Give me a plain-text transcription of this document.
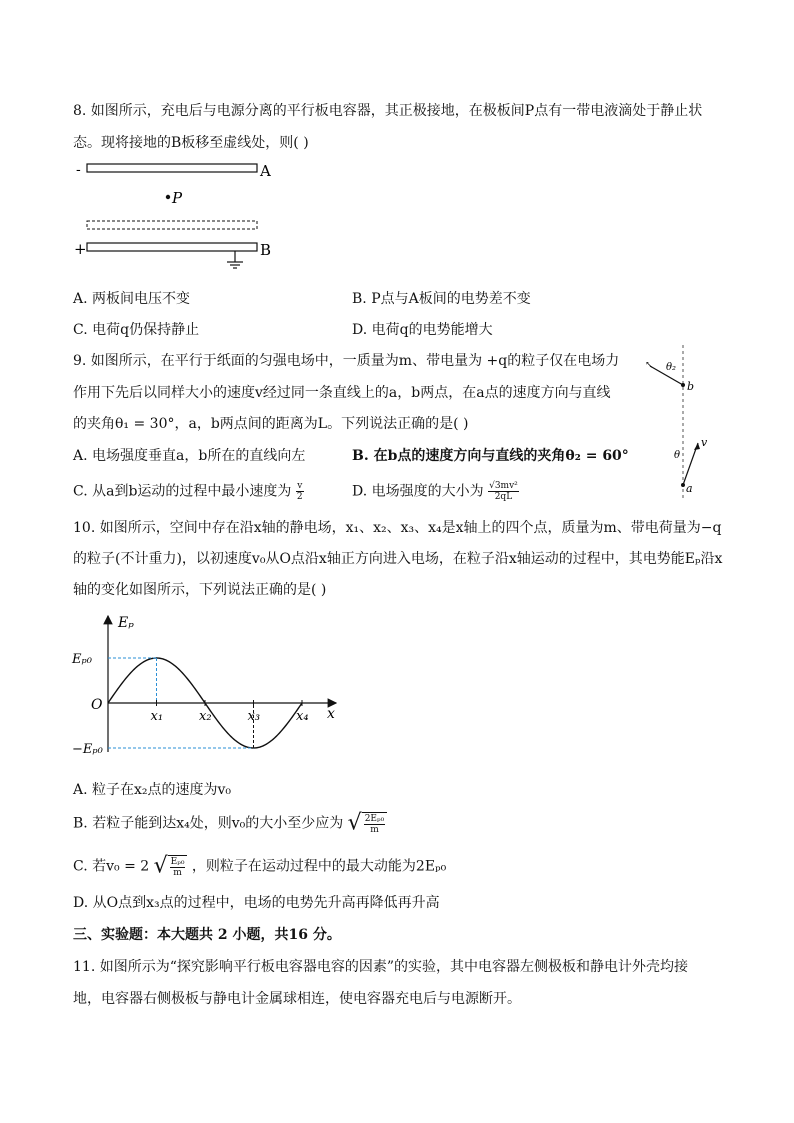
8. 如图所示，充电后与电源分离的平行板电容器，其正极接地，在极板间P点有一带电液滴处于静止状
态。现将接地的B板移至虚线处，则( )
-	A
P
+	B
A. 两板间电压不变	B. P点与A板间的电势差不变
C. 电荷q仍保持静止	D. 电荷q的电势能增大
9. 如图所示，在平行于纸面的匀强电场中，一质量为m、带电量为 +q的粒子仅在电场力
作用下先后以同样大小的速度v经过同一条直线上的a，b两点，在a点的速度方向与直线
的夹角θ₁ = 30°，a，b两点间的距离为L。下列说法正确的是( )
A. 电场强度垂直a，b所在的直线向左	B. 在b点的速度方向与直线的夹角θ₂ = 60°
C. 从a到b运动的过程中最小速度为 $\frac{v}{2}$	D. 电场强度的大小为 $\frac{\text{√3mv²}}{2qL}$
b
↖ θ₂
a
v
θ
10. 如图所示，空间中存在沿x轴的静电场，x₁、x₂、x₃、x₄是x轴上的四个点，质量为m、带电荷量为−q
的粒子(不计重力)，以初速度v₀从O点沿x轴正方向进入电场，在粒子沿x轴运动的过程中，其电势能Eₚ沿x
轴的变化如图所示，下列说法正确的是( )
Eₚ
x
O
Eₚ₀
−Eₚ₀
x₁	x₂	x₃	x₄
A. 粒子在x₂点的速度为v₀
B. 若粒子能到达x₄处，则v₀的大小至少应为 √ $\frac{\text{2Eₚ₀}}{m}$
C. 若v₀ = 2 √ $\frac{\text{Eₚ₀}}{m}$ ，则粒子在运动过程中的最大动能为2Eₚ₀
D. 从O点到x₃点的过程中，电场的电势先升高再降低再升高
三、实验题：本大题共 2 小题，共16 分。
11. 如图所示为“探究影响平行板电容器电容的因素”的实验，其中电容器左侧极板和静电计外壳均接
地，电容器右侧极板与静电计金属球相连，使电容器充电后与电源断开。
